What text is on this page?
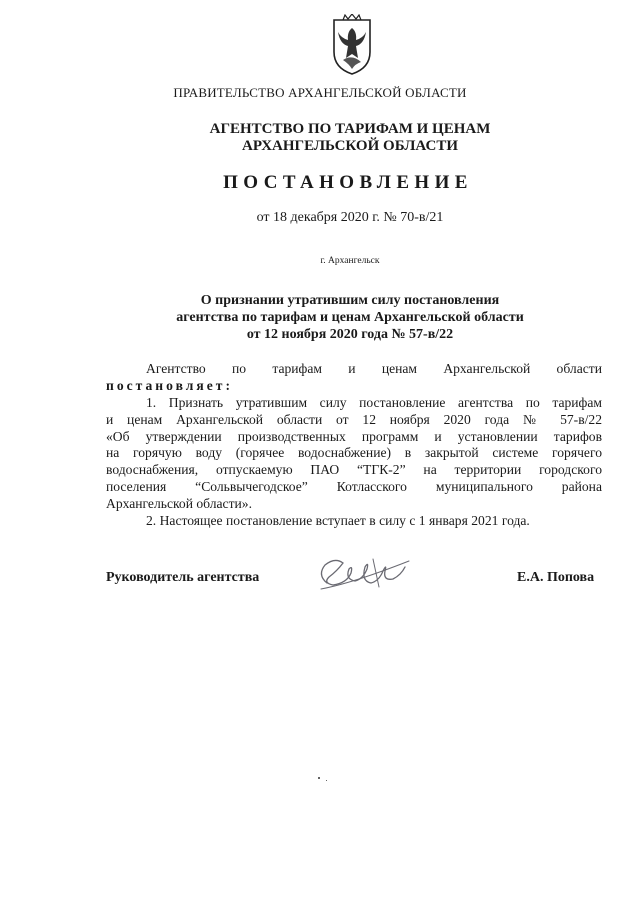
ПРАВИТЕЛЬСТВО АРХАНГЕЛЬСКОЙ ОБЛАСТИ
АГЕНТСТВО ПО ТАРИФАМ И ЦЕНАМ
АРХАНГЕЛЬСКОЙ ОБЛАСТИ
ПОСТАНОВЛЕНИЕ
от 18 декабря 2020 г. № 70-в/21
г. Архангельск
О признании утратившим силу постановления
агентства по тарифам и ценам Архангельской области
от 12 ноября 2020 года № 57-в/22
Агентство по тарифам и ценам Архангельской области
постановляет:
1. Признать утратившим силу постановление агентства по тарифам
и ценам Архангельской области от 12 ноября 2020 года № 57-в/22
«Об утверждении производственных программ и установлении тарифов
на горячую воду (горячее водоснабжение) в закрытой системе горячего
водоснабжения, отпускаемую ПАО “ТГК-2” на территории городского
поселения “Сольвычегодское” Котласского муниципального района
Архангельской области».
2. Настоящее постановление вступает в силу с 1 января 2021 года.
Руководитель агентства	Е.А. Попова
